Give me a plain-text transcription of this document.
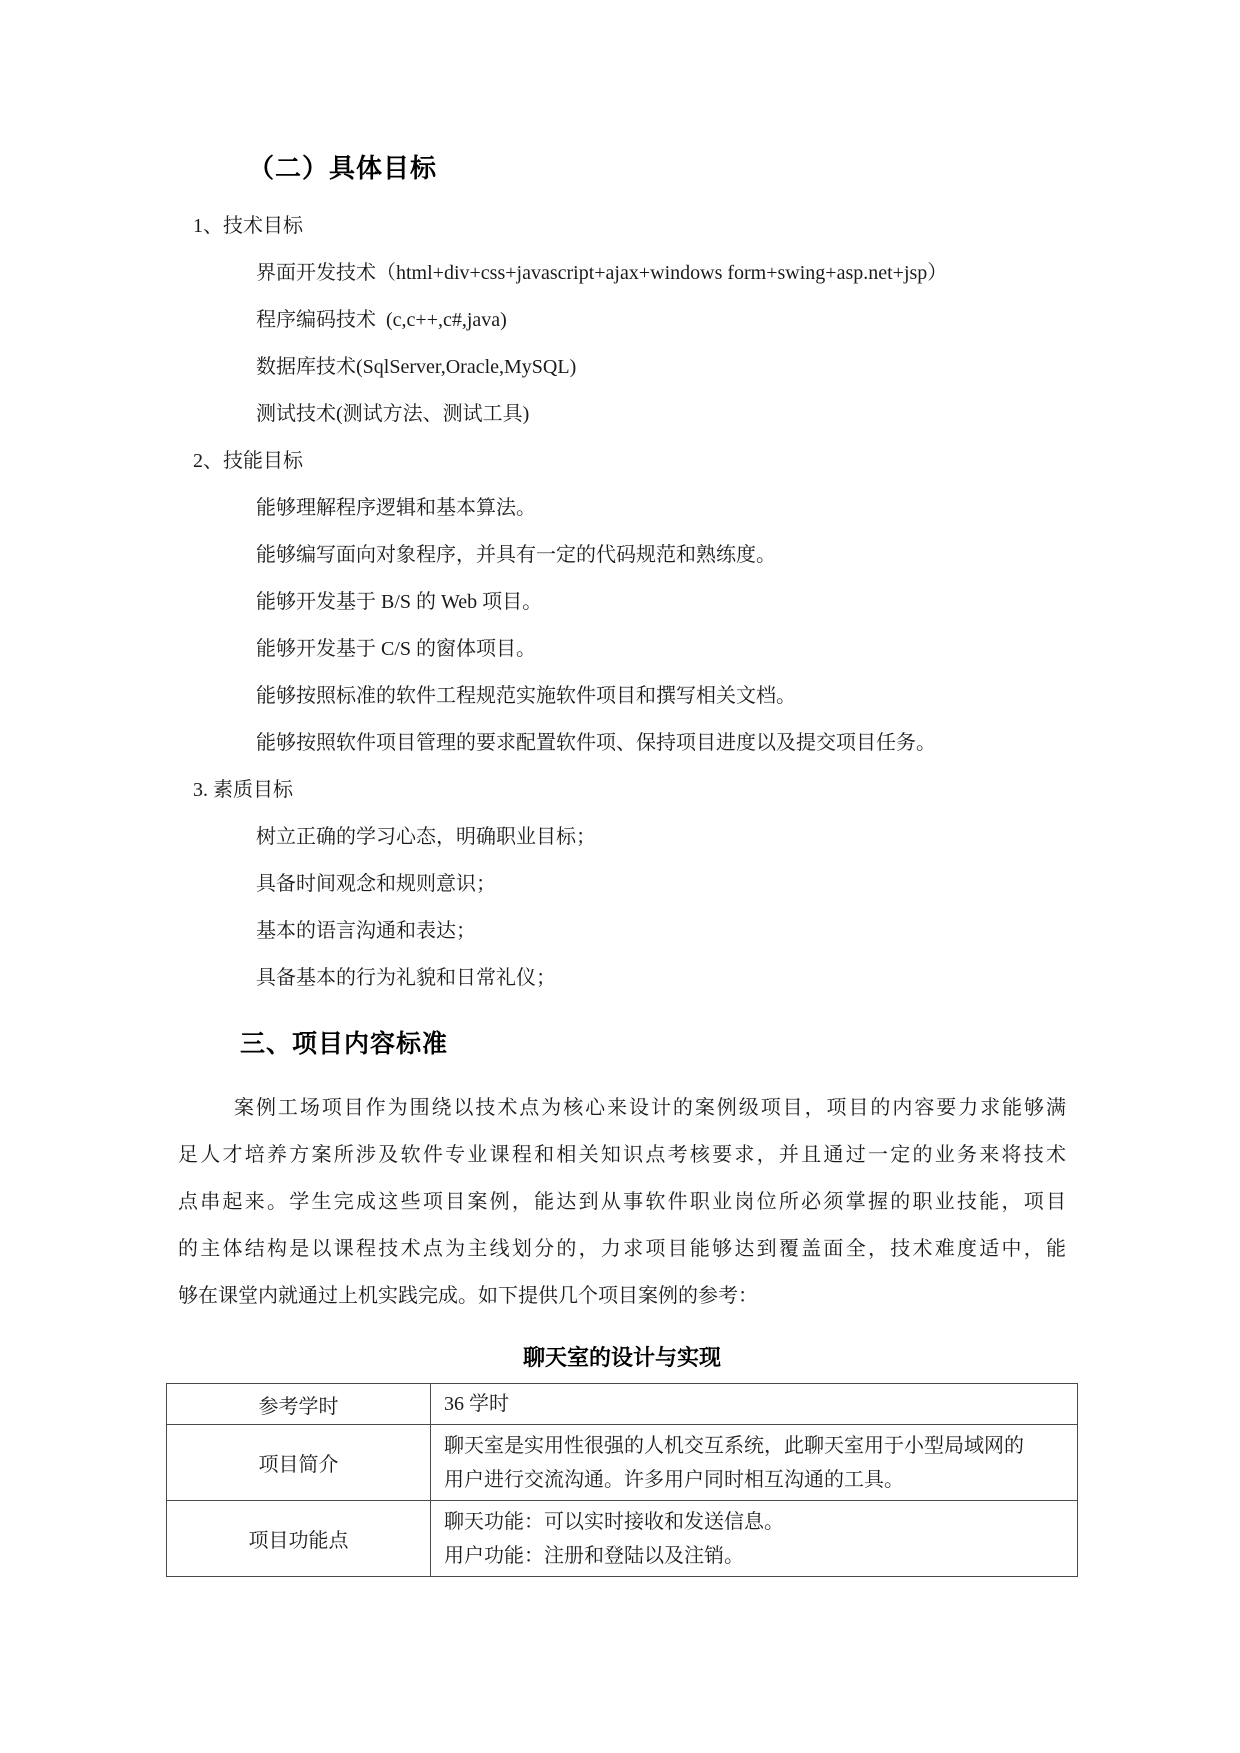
（二）具体目标
1、技术目标
界面开发技术（html+div+css+javascript+ajax+windows form+swing+asp.net+jsp）
程序编码技术  (c,c++,c#,java)
数据库技术(SqlServer,Oracle,MySQL)
测试技术(测试方法、测试工具)
2、技能目标
能够理解程序逻辑和基本算法。
能够编写面向对象程序，并具有一定的代码规范和熟练度。
能够开发基于 B/S 的 Web 项目。
能够开发基于 C/S 的窗体项目。
能够按照标准的软件工程规范实施软件项目和撰写相关文档。
能够按照软件项目管理的要求配置软件项、保持项目进度以及提交项目任务。
3. 素质目标
树立正确的学习心态，明确职业目标；
具备时间观念和规则意识；
基本的语言沟通和表达；
具备基本的行为礼貌和日常礼仪；
三、项目内容标准
案例工场项目作为围绕以技术点为核心来设计的案例级项目，项目的内容要力求能够满
足人才培养方案所涉及软件专业课程和相关知识点考核要求，并且通过一定的业务来将技术
点串起来。学生完成这些项目案例，能达到从事软件职业岗位所必须掌握的职业技能，项目
的主体结构是以课程技术点为主线划分的，力求项目能够达到覆盖面全，技术难度适中，能
够在课堂内就通过上机实践完成。如下提供几个项目案例的参考：
聊天室的设计与实现
参考学时	36 学时

项目简介	聊天室是实用性很强的人机交互系统，此聊天室用于小型局域网的
用户进行交流沟通。许多用户同时相互沟通的工具。

项目功能点	聊天功能：可以实时接收和发送信息。
用户功能：注册和登陆以及注销。
